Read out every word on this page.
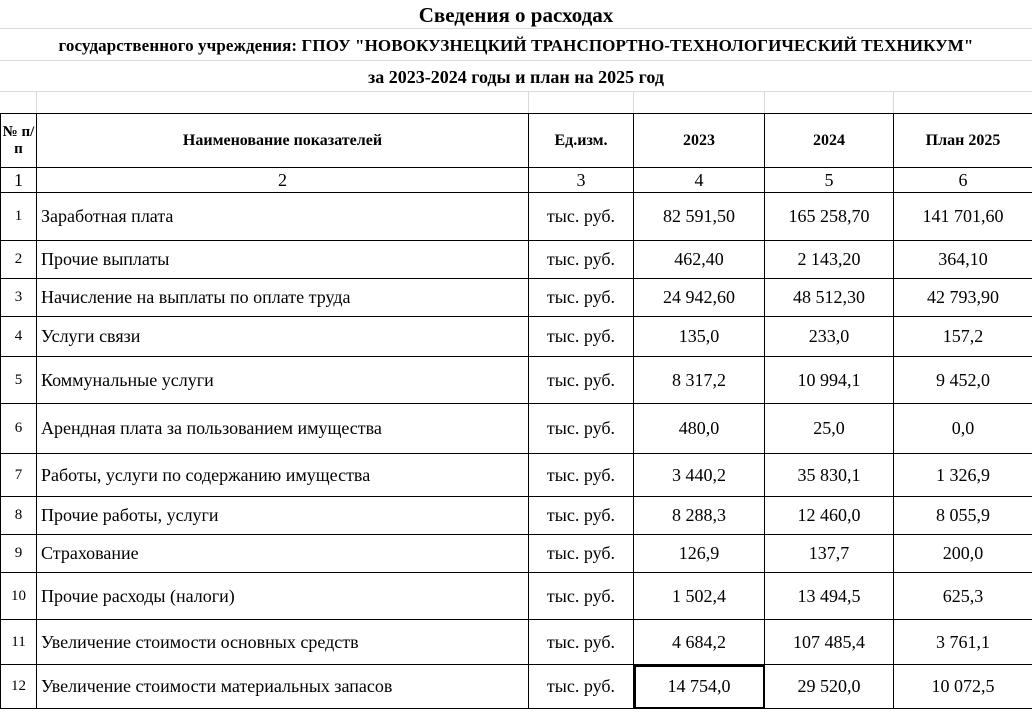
Сведения о расходах
государственного учреждения: ГПОУ "НОВОКУЗНЕЦКИЙ ТРАНСПОРТНО-ТЕХНОЛОГИЧЕСКИЙ ТЕХНИКУМ"
за 2023-2024 годы и план на 2025 год
№ п/п	Наименование показателей	Ед.изм.	2023	2024	План 2025
1	2	3	4	5	6
1	Заработная плата	тыс. руб.	82 591,50	165 258,70	141 701,60
2	Прочие выплаты	тыс. руб.	462,40	2 143,20	364,10
3	Начисление на выплаты по оплате труда	тыс. руб.	24 942,60	48 512,30	42 793,90
4	Услуги связи	тыс. руб.	135,0	233,0	157,2
5	Коммунальные услуги	тыс. руб.	8 317,2	10 994,1	9 452,0
6	Арендная плата за пользованием имущества	тыс. руб.	480,0	25,0	0,0
7	Работы, услуги по содержанию имущества	тыс. руб.	3 440,2	35 830,1	1 326,9
8	Прочие работы, услуги	тыс. руб.	8 288,3	12 460,0	8 055,9
9	Страхование	тыс. руб.	126,9	137,7	200,0
10	Прочие расходы (налоги)	тыс. руб.	1 502,4	13 494,5	625,3
11	Увеличение стоимости основных средств	тыс. руб.	4 684,2	107 485,4	3 761,1
12	Увеличение стоимости материальных запасов	тыс. руб.	14 754,0	29 520,0	10 072,5
